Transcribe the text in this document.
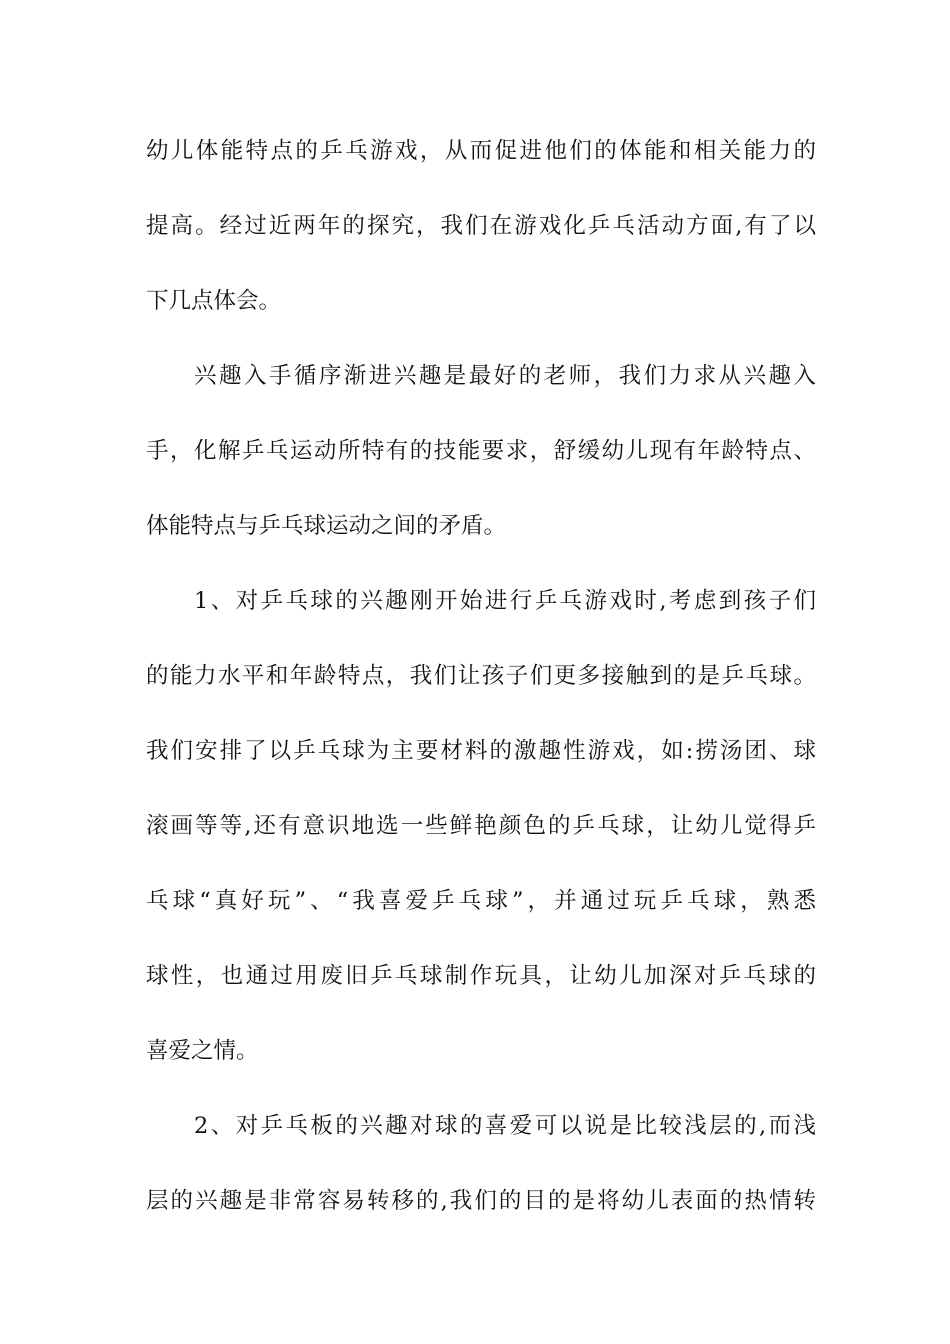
幼儿体能特点的乒乓游戏，从而促进他们的体能和相关能力的
提高。经过近两年的探究，我们在游戏化乒乓活动方面,有了以
下几点体会。
兴趣入手循序渐进兴趣是最好的老师，我们力求从兴趣入
手，化解乒乓运动所特有的技能要求，舒缓幼儿现有年龄特点、
体能特点与乒乓球运动之间的矛盾。
1、对乒乓球的兴趣刚开始进行乒乓游戏时,考虑到孩子们
的能力水平和年龄特点，我们让孩子们更多接触到的是乒乓球。
我们安排了以乒乓球为主要材料的激趣性游戏，如:捞汤团、球
滚画等等,还有意识地选一些鲜艳颜色的乒乓球，让幼儿觉得乒
乓球“真好玩”、“我喜爱乒乓球”，并通过玩乒乓球，熟悉
球性，也通过用废旧乒乓球制作玩具，让幼儿加深对乒乓球的
喜爱之情。
2、对乒乓板的兴趣对球的喜爱可以说是比较浅层的,而浅
层的兴趣是非常容易转移的,我们的目的是将幼儿表面的热情转
